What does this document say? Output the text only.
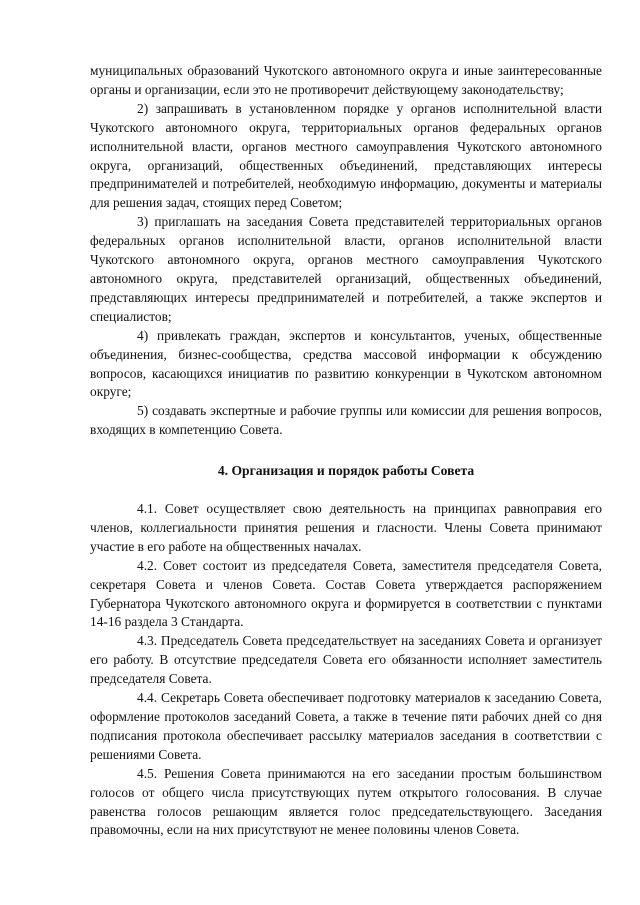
муниципальных образований Чукотского автономного округа и иные заинтересованные органы и организации, если это не противоречит действующему законодательству;

2) запрашивать в установленном порядке у органов исполнительной власти Чукотского автономного округа, территориальных органов федеральных органов исполнительной власти, органов местного самоуправления Чукотского автономного округа, организаций, общественных объединений, представляющих интересы предпринимателей и потребителей, необходимую информацию, документы и материалы для решения задач, стоящих перед Советом;

3) приглашать на заседания Совета представителей территориальных органов федеральных органов исполнительной власти, органов исполнительной власти Чукотского автономного округа, органов местного самоуправления Чукотского автономного округа, представителей организаций, общественных объединений, представляющих интересы предпринимателей и потребителей, а также экспертов и специалистов;

4) привлекать граждан, экспертов и консультантов, ученых, общественные объединения, бизнес-сообщества, средства массовой информации к обсуждению вопросов, касающихся инициатив по развитию конкуренции в Чукотском автономном округе;

5) создавать экспертные и рабочие группы или комиссии для решения вопросов, входящих в компетенцию Совета.

4. Организация и порядок работы Совета

4.1. Совет осуществляет свою деятельность на принципах равноправия его членов, коллегиальности принятия решения и гласности. Члены Совета принимают участие в его работе на общественных началах.

4.2. Совет состоит из председателя Совета, заместителя председателя Совета, секретаря Совета и членов Совета. Состав Совета утверждается распоряжением Губернатора Чукотского автономного округа и формируется в соответствии с пунктами 14-16 раздела 3 Стандарта.

4.3. Председатель Совета председательствует на заседаниях Совета и организует его работу. В отсутствие председателя Совета его обязанности исполняет заместитель председателя Совета.

4.4. Секретарь Совета обеспечивает подготовку материалов к заседанию Совета, оформление протоколов заседаний Совета, а также в течение пяти рабочих дней со дня подписания протокола обеспечивает рассылку материалов заседания в соответствии с решениями Совета.

4.5. Решения Совета принимаются на его заседании простым большинством голосов от общего числа присутствующих путем открытого голосования. В случае равенства голосов решающим является голос председательствующего. Заседания правомочны, если на них присутствуют не менее половины членов Совета.
